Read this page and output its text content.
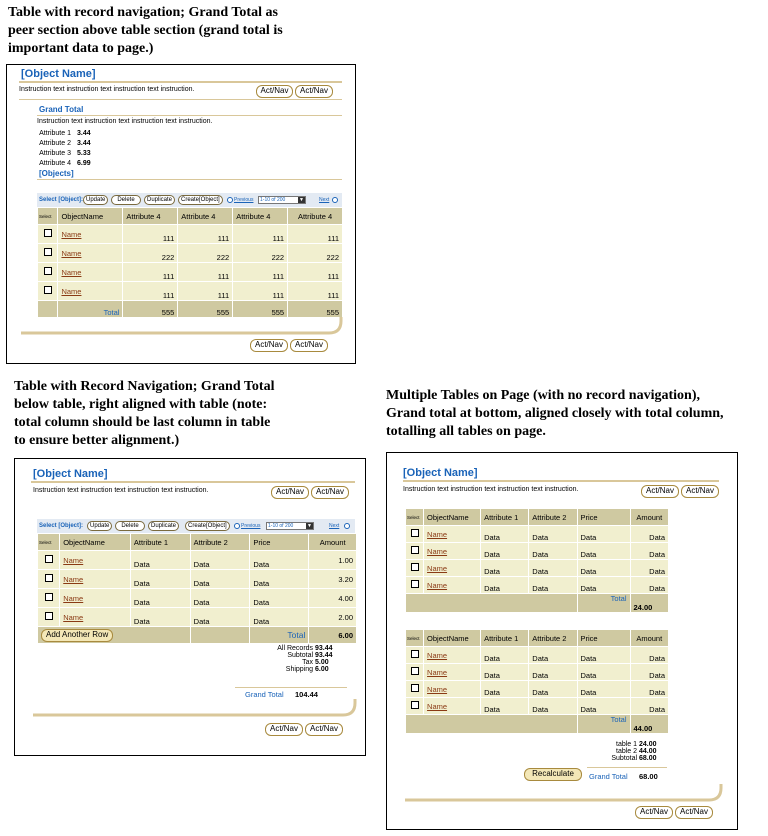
Table with record navigation; Grand Total as
peer section above table section (grand total is
important data to page.)
[Object Name]
Instruction text instruction text instruction text instruction.	Act/Nav	Act/Nav
Grand Total
Instruction text instruction text instruction text instruction.
Attribute 1 3.44
Attribute 2 3.44
Attribute 3 5.33
Attribute 4 6.99
[Objects]
Select [Object]: Update	Delete	Duplicate	Create[Object]	Previous	1-10 of 200	▼	Next
Select	ObjectName	Attribute 4	Attribute 4	Attribute 4	Attribute 4
	Name	111	111	111	111
	Name	222	222	222	222
	Name	111	111	111	111
	Name	111	111	111	111
	Total	555	555	555	555
Act/Nav	Act/Nav
Table with Record Navigation; Grand Total
below table, right aligned with table (note:
total column should be last column in table
to ensure better alignment.)
[Object Name]
Instruction text instruction text instruction text instruction.	Act/Nav	Act/Nav
Select [Object]:	Update	Delete	Duplicate	Create[Object]	Previous	1-10 of 200	▼	Next
Select	ObjectName	Attribute 1	Attribute 2	Price	Amount
	Name	Data	Data	Data	1.00
	Name	Data	Data	Data	3.20
	Name	Data	Data	Data	4.00
	Name	Data	Data	Data	2.00
Add Another Row				Total	6.00
All Records 93.44
Subtotal 93.44
Tax 5.00
Shipping 6.00
Grand Total 104.44
Act/Nav	Act/Nav
Multiple Tables on Page (with no record navigation),
Grand total at bottom, aligned closely with total column,
totalling all tables on page.
[Object Name]
Instruction text instruction text instruction text instruction.	Act/Nav	Act/Nav
Select	ObjectName	Attribute 1	Attribute 2	Price	Amount
	Name	Data	Data	Data	Data
	Name	Data	Data	Data	Data
	Name	Data	Data	Data	Data
	Name	Data	Data	Data	Data
				Total	24.00
Select	ObjectName	Attribute 1	Attribute 2	Price	Amount
	Name	Data	Data	Data	Data
	Name	Data	Data	Data	Data
	Name	Data	Data	Data	Data
	Name	Data	Data	Data	Data
				Total	44.00
table 1 24.00
table 2 44.00
Subtotal 68.00
Recalculate	Grand Total 68.00
Act/Nav	Act/Nav
